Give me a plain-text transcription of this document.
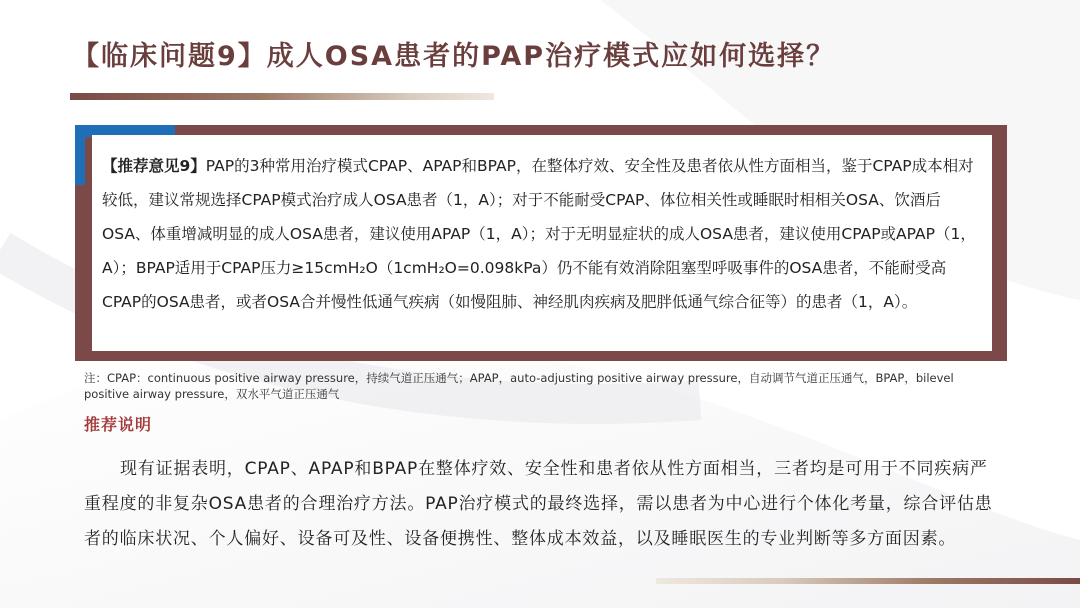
【临床问题9】成人OSA患者的PAP治疗模式应如何选择？

【推荐意见9】PAP的3种常用治疗模式CPAP、APAP和BPAP，在整体疗效、安全性及患者依从性方面相当，鉴于CPAP成本相对较低，建议常规选择CPAP模式治疗成人OSA患者（1，A）；对于不能耐受CPAP、体位相关性或睡眠时相相关OSA、饮酒后OSA、体重增减明显的成人OSA患者，建议使用APAP（1，A）；对于无明显症状的成人OSA患者，建议使用CPAP或APAP（1，A）；BPAP适用于CPAP压力≥15cmH₂O（1cmH₂O=0.098kPa）仍不能有效消除阻塞型呼吸事件的OSA患者，不能耐受高CPAP的OSA患者，或者OSA合并慢性低通气疾病（如慢阻肺、神经肌肉疾病及肥胖低通气综合征等）的患者（1，A）。

注：CPAP：continuous positive airway pressure，持续气道正压通气；APAP，auto-adjusting positive airway pressure，自动调节气道正压通气，BPAP，bilevel positive airway pressure，双水平气道正压通气

推荐说明

现有证据表明，CPAP、APAP和BPAP在整体疗效、安全性和患者依从性方面相当，三者均是可用于不同疾病严重程度的非复杂OSA患者的合理治疗方法。PAP治疗模式的最终选择，需以患者为中心进行个体化考量，综合评估患者的临床状况、个人偏好、设备可及性、设备便携性、整体成本效益，以及睡眠医生的专业判断等多方面因素。
